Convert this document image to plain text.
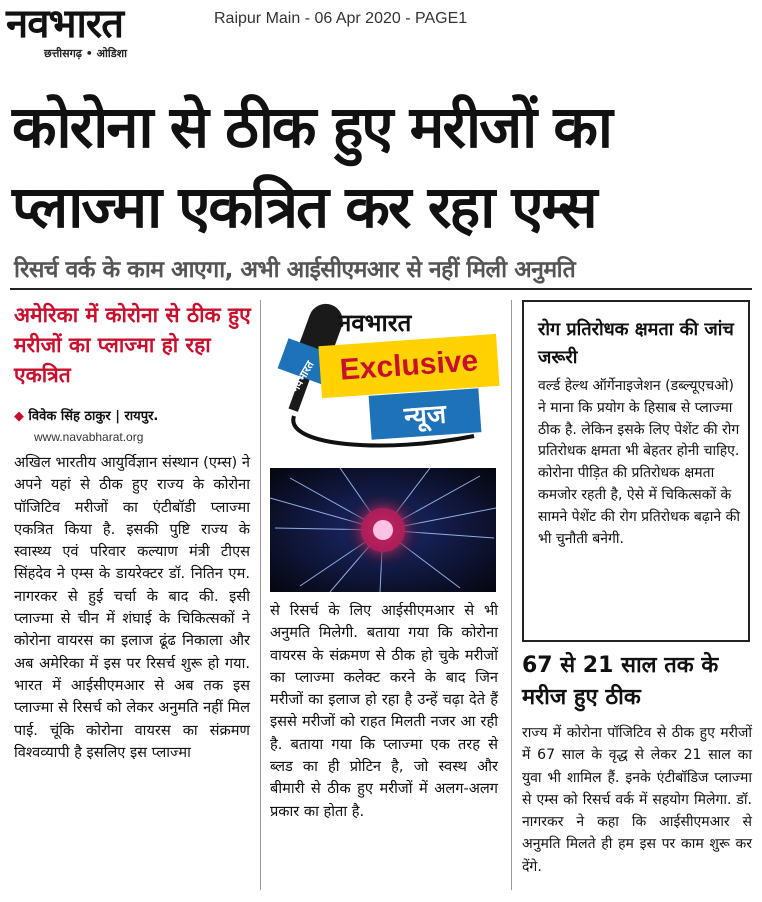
नवभारत
छत्तीसगढ़ • ओडिशा
Raipur Main - 06 Apr 2020 - PAGE1
कोरोना से ठीक हुए मरीजों का
प्लाज्मा एकत्रित कर रहा एम्स
रिसर्च वर्क के काम आएगा, अभी आईसीएमआर से नहीं मिली अनुमति
अमेरिका में कोरोना से ठीक हुए मरीजों का प्लाज्मा हो रहा एकत्रित
◆ विवेक सिंह ठाकुर | रायपुर.
www.navabharat.org
अखिल भारतीय आयुर्विज्ञान संस्थान (एम्स) ने अपने यहां से ठीक हुए राज्य के कोरोना पॉजिटिव मरीजों का एंटीबॉडी प्लाज्मा एकत्रित किया है. इसकी पुष्टि राज्य के स्वास्थ्य एवं परिवार कल्याण मंत्री टीएस सिंहदेव ने एम्स के डायरेक्टर डॉ. नितिन एम. नागरकर से हुई चर्चा के बाद की. इसी प्लाज्मा से चीन में शंघाई के चिकित्सकों ने कोरोना वायरस का इलाज ढूंढ निकाला और अब अमेरिका में इस पर रिसर्च शुरू हो गया. भारत में आईसीएमआर से अब तक इस प्लाज्मा से रिसर्च को लेकर अनुमति नहीं मिल पाई. चूंकि कोरोना वायरस का संक्रमण विश्वव्यापी है इसलिए इस प्लाज्मा
नवभारत
नवभारत
Exclusive
न्यूज
से रिसर्च के लिए आईसीएमआर से भी अनुमति मिलेगी. बताया गया कि कोरोना वायरस के संक्रमण से ठीक हो चुके मरीजों का प्लाज्मा कलेक्ट करने के बाद जिन मरीजों का इलाज हो रहा है उन्हें चढ़ा देते हैं इससे मरीजों को राहत मिलती नजर आ रही है. बताया गया कि प्लाज्मा एक तरह से ब्लड का ही प्रोटिन है, जो स्वस्थ और बीमारी से ठीक हुए मरीजों में अलग-अलग प्रकार का होता है.
रोग प्रतिरोधक क्षमता की जांच जरूरी
वर्ल्ड हेल्थ ऑर्गेनाइजेशन (डब्ल्यूएचओ) ने माना कि प्रयोग के हिसाब से प्लाज्मा ठीक है. लेकिन इसके लिए पेशेंट की रोग प्रतिरोधक क्षमता भी बेहतर होनी चाहिए. कोरोना पीड़ित की प्रतिरोधक क्षमता कमजोर रहती है, ऐसे में चिकित्सकों के सामने पेशेंट की रोग प्रतिरोधक बढ़ाने की भी चुनौती बनेगी.
67 से 21 साल तक के मरीज हुए ठीक
राज्य में कोरोना पॉजिटिव से ठीक हुए मरीजों में 67 साल के वृद्ध से लेकर 21 साल का युवा भी शामिल हैं. इनके एंटीबॉडिज प्लाज्मा से एम्स को रिसर्च वर्क में सहयोग मिलेगा. डॉ. नागरकर ने कहा कि आईसीएमआर से अनुमति मिलते ही हम इस पर काम शुरू कर देंगे.
